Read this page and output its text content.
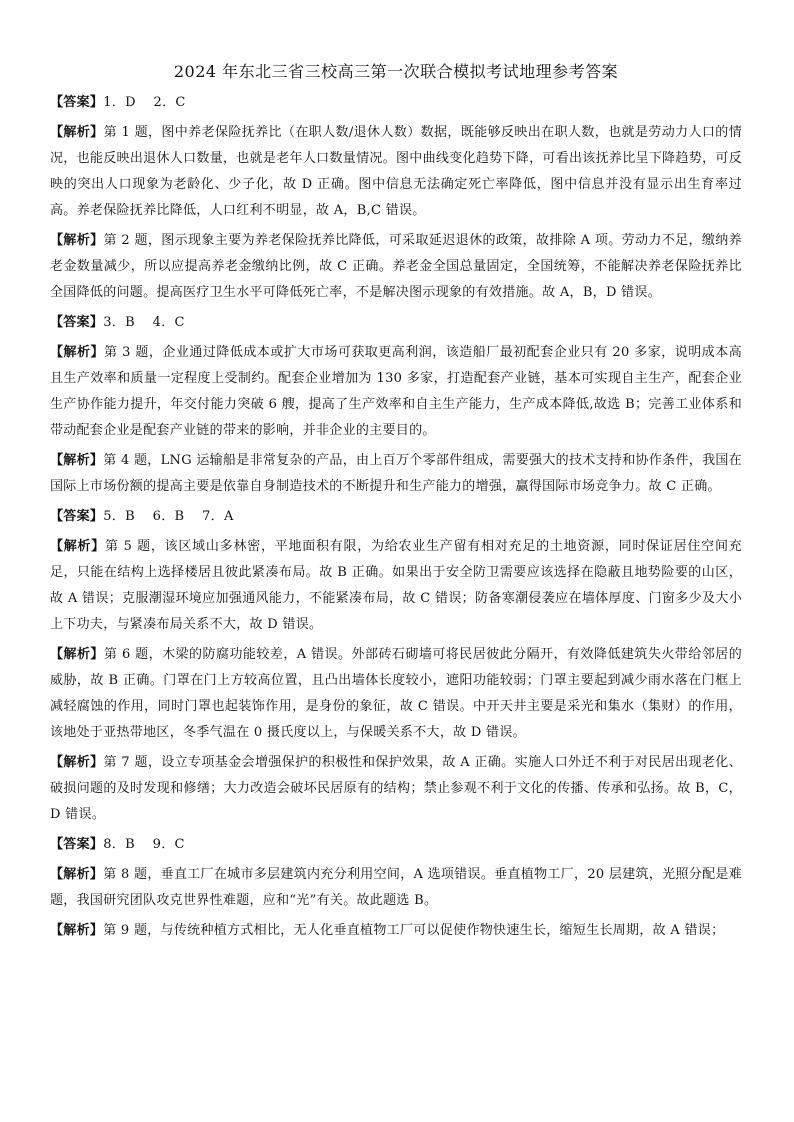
2024 年东北三省三校高三第一次联合模拟考试地理参考答案

【答案】1．D　 2．C

【解析】第 1 题，图中养老保险抚养比（在职人数/退休人数）数据，既能够反映出在职人数，也就是劳动力人口的情况，也能反映出退休人口数量，也就是老年人口数量情况。图中曲线变化趋势下降，可看出该抚养比呈下降趋势，可反映的突出人口现象为老龄化、少子化，故 D 正确。图中信息无法确定死亡率降低，图中信息并没有显示出生育率过高。养老保险抚养比降低，人口红利不明显，故 A，B,C 错误。

【解析】第 2 题，图示现象主要为养老保险抚养比降低，可采取延迟退休的政策，故排除 A 项。劳动力不足，缴纳养老金数量减少，所以应提高养老金缴纳比例，故 C 正确。养老金全国总量固定，全国统筹，不能解决养老保险抚养比全国降低的问题。提高医疗卫生水平可降低死亡率，不是解决图示现象的有效措施。故 A，B，D 错误。

【答案】3．B　 4．C

【解析】第 3 题，企业通过降低成本或扩大市场可获取更高利润，该造船厂最初配套企业只有 20 多家，说明成本高且生产效率和质量一定程度上受制约。配套企业增加为 130 多家，打造配套产业链，基本可实现自主生产，配套企业生产协作能力提升，年交付能力突破 6 艘，提高了生产效率和自主生产能力，生产成本降低,故选 B；完善工业体系和带动配套企业是配套产业链的带来的影响，并非企业的主要目的。

【解析】第 4 题，LNG 运输船是非常复杂的产品，由上百万个零部件组成，需要强大的技术支持和协作条件，我国在国际上市场份额的提高主要是依靠自身制造技术的不断提升和生产能力的增强，赢得国际市场竞争力。故 C 正确。

【答案】5．B　 6．B　 7．A

【解析】第 5 题，该区域山多林密，平地面积有限，为给农业生产留有相对充足的土地资源，同时保证居住空间充足，只能在结构上选择楼居且彼此紧凑布局。故 B 正确。如果出于安全防卫需要应该选择在隐蔽且地势险要的山区，故 A 错误；克服潮湿环境应加强通风能力，不能紧凑布局，故 C 错误；防备寒潮侵袭应在墙体厚度、门窗多少及大小上下功夫，与紧凑布局关系不大，故 D 错误。

【解析】第 6 题，木梁的防腐功能较差，A 错误。外部砖石砌墙可将民居彼此分隔开，有效降低建筑失火带给邻居的威胁，故 B 正确。门罩在门上方较高位置，且凸出墙体长度较小，遮阳功能较弱；门罩主要起到减少雨水落在门框上减轻腐蚀的作用，同时门罩也起装饰作用，是身份的象征，故 C 错误。中开天井主要是采光和集水（集财）的作用，该地处于亚热带地区，冬季气温在 0 摄氏度以上，与保暖关系不大，故 D 错误。

【解析】第 7 题，设立专项基金会增强保护的积极性和保护效果，故 A 正确。实施人口外迁不利于对民居出现老化、破损问题的及时发现和修缮；大力改造会破坏民居原有的结构；禁止参观不利于文化的传播、传承和弘扬。故 B，C，D 错误。

【答案】8．B　 9．C

【解析】第 8 题，垂直工厂在城市多层建筑内充分利用空间，A 选项错误。垂直植物工厂，20 层建筑，光照分配是难题，我国研究团队攻克世界性难题，应和“光”有关。故此题选 B。

【解析】第 9 题，与传统种植方式相比，无人化垂直植物工厂可以促使作物快速生长，缩短生长周期，故 A 错误；
